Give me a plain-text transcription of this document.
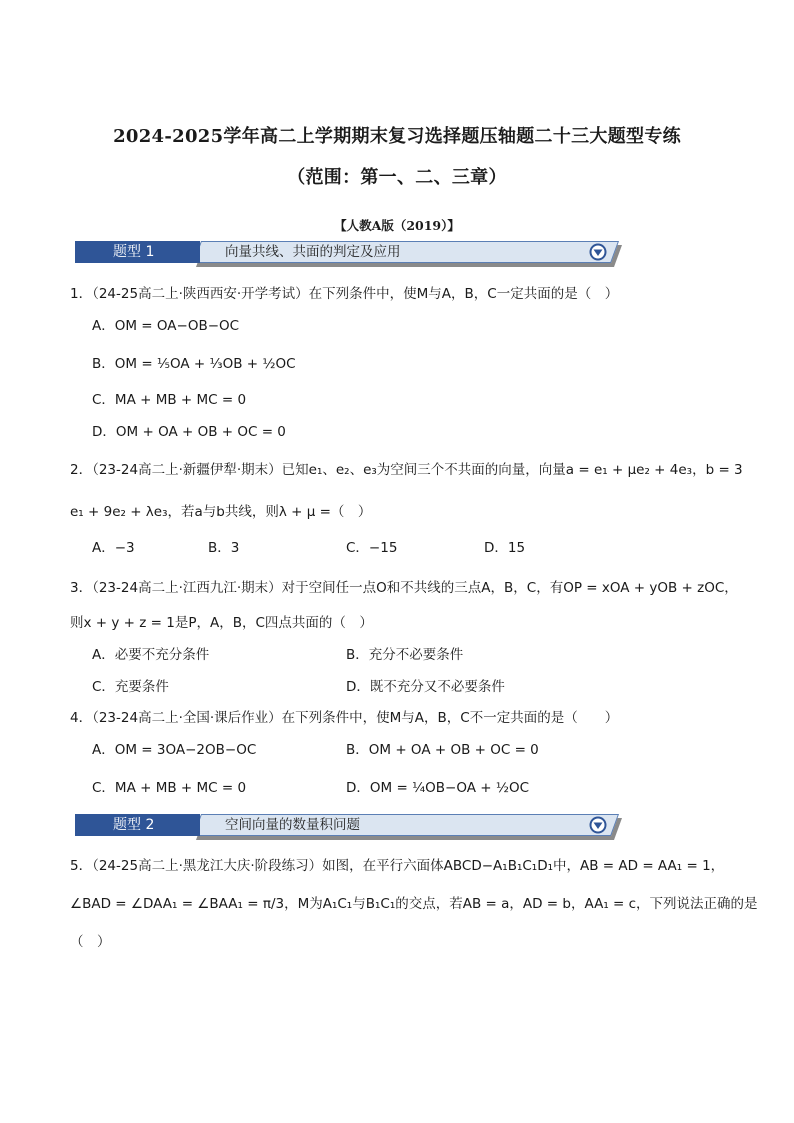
2024-2025学年高二上学期期末复习选择题压轴题二十三大题型专练
（范围：第一、二、三章）
【人教A版（2019）】
题型 1	向量共线、共面的判定及应用
1．（24-25高二上·陕西西安·开学考试）在下列条件中，使M与A，B，C一定共面的是（　）
A．OM = OA−OB−OC
B．OM = ⅕OA + ⅓OB + ½OC
C．MA + MB + MC = 0
D．OM + OA + OB + OC = 0
2．（23-24高二上·新疆伊犁·期末）已知e₁、e₂、e₃为空间三个不共面的向量，向量a = e₁ + μe₂ + 4e₃，b = 3
e₁ + 9e₂ + λe₃，若a与b共线，则λ + μ =（　）
A．−3	B．3	C．−15	D．15
3．（23-24高二上·江西九江·期末）对于空间任一点O和不共线的三点A，B，C，有OP = xOA + yOB + zOC，
则x + y + z = 1是P，A，B，C四点共面的（　）
A．必要不充分条件	B．充分不必要条件
C．充要条件	D．既不充分又不必要条件
4．（23-24高二上·全国·课后作业）在下列条件中，使M与A，B，C不一定共面的是（　　）
A．OM = 3OA−2OB−OC	B．OM + OA + OB + OC = 0
C．MA + MB + MC = 0	D．OM = ¼OB−OA + ½OC
题型 2	空间向量的数量积问题
5．（24-25高二上·黑龙江大庆·阶段练习）如图，在平行六面体ABCD−A₁B₁C₁D₁中，AB = AD = AA₁ = 1，
∠BAD = ∠DAA₁ = ∠BAA₁ = π/3，M为A₁C₁与B₁C₁的交点，若AB = a，AD = b，AA₁ = c，下列说法正确的是
（　）
